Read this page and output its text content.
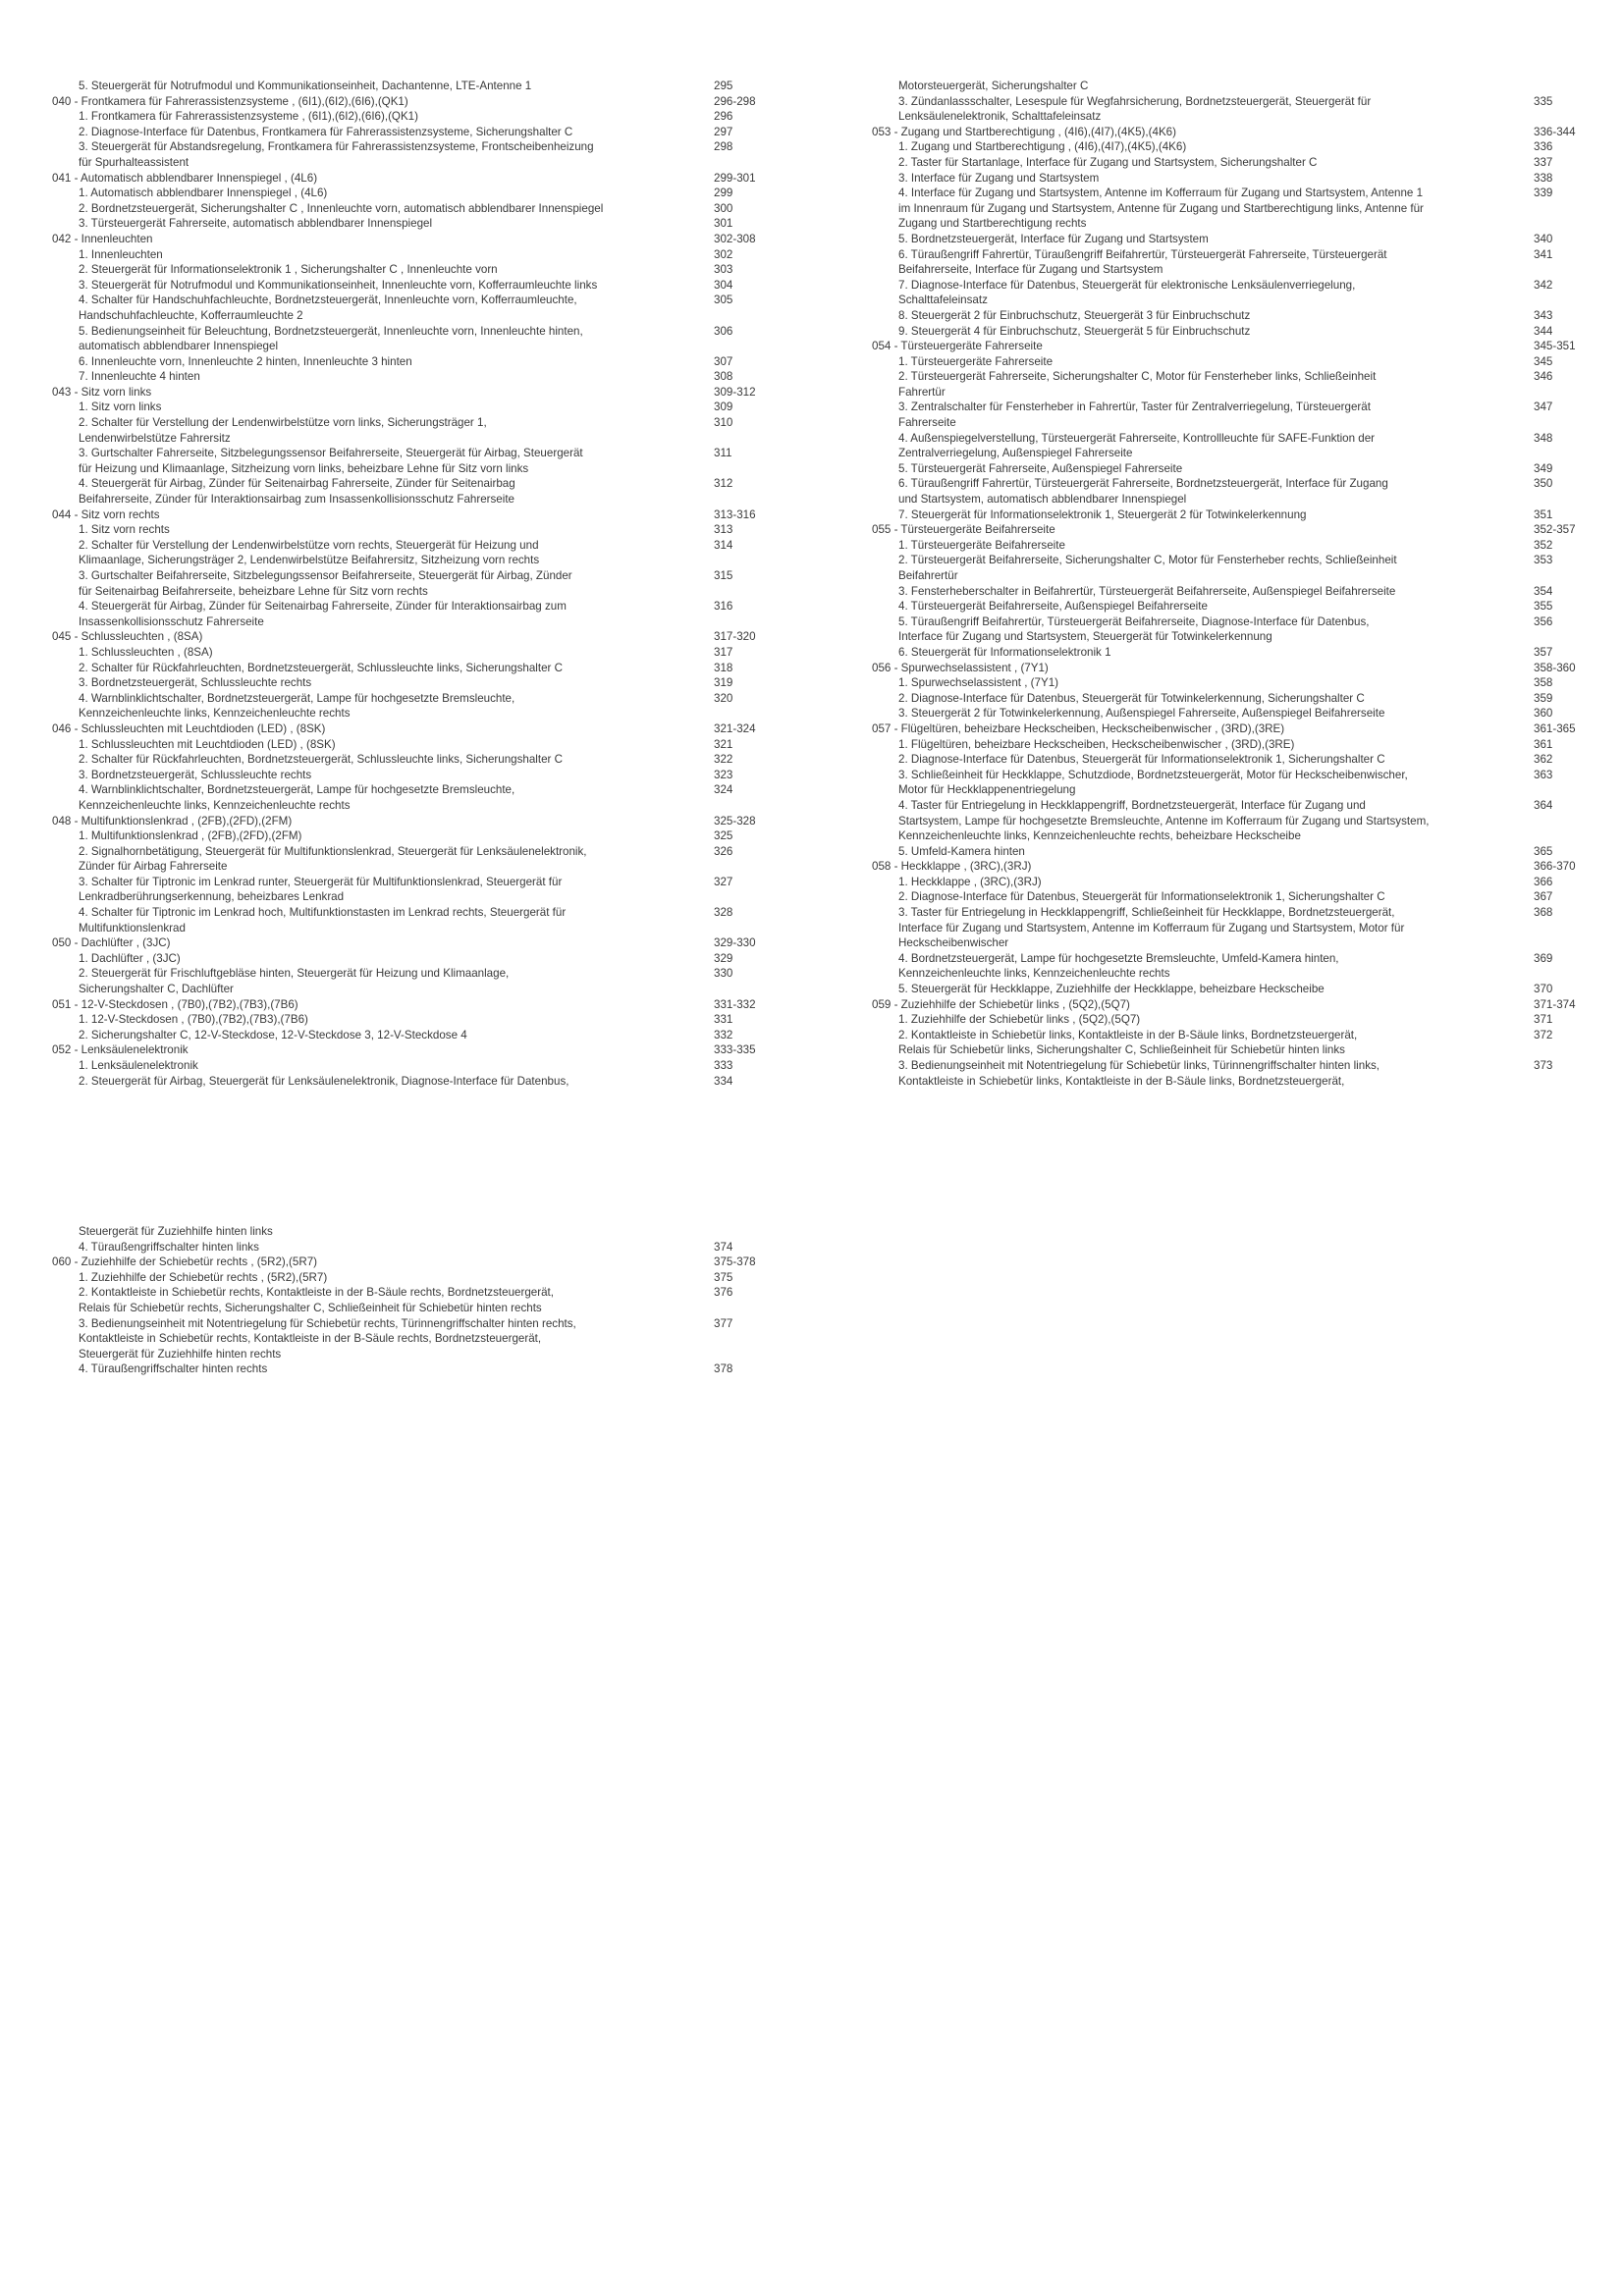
5. Steuergerät für Notrufmodul und Kommunikationseinheit, Dachantenne, LTE-Antenne 1	295
040 - Frontkamera für Fahrerassistenzsysteme , (6I1),(6I2),(6I6),(QK1)	296-298
1. Frontkamera für Fahrerassistenzsysteme , (6I1),(6I2),(6I6),(QK1)	296
2. Diagnose-Interface für Datenbus, Frontkamera für Fahrerassistenzsysteme, Sicherungshalter C	297
3. Steuergerät für Abstandsregelung, Frontkamera für Fahrerassistenzsysteme, Frontscheibenheizung	298
für Spurhalteassistent
041 - Automatisch abblendbarer Innenspiegel , (4L6)	299-301
1. Automatisch abblendbarer Innenspiegel , (4L6)	299
2. Bordnetzsteuergerät, Sicherungshalter C , Innenleuchte vorn, automatisch abblendbarer Innenspiegel	300
3. Türsteuergerät Fahrerseite, automatisch abblendbarer Innenspiegel	301
042 - Innenleuchten	302-308
1. Innenleuchten	302
2. Steuergerät für Informationselektronik 1 , Sicherungshalter C , Innenleuchte vorn	303
3. Steuergerät für Notrufmodul und Kommunikationseinheit, Innenleuchte vorn, Kofferraumleuchte links	304
4. Schalter für Handschuhfachleuchte, Bordnetzsteuergerät, Innenleuchte vorn, Kofferraumleuchte,	305
Handschuhfachleuchte, Kofferraumleuchte 2
5. Bedienungseinheit für Beleuchtung, Bordnetzsteuergerät, Innenleuchte vorn, Innenleuchte hinten,	306
automatisch abblendbarer Innenspiegel
6. Innenleuchte vorn, Innenleuchte 2 hinten, Innenleuchte 3 hinten	307
7. Innenleuchte 4 hinten	308
043 - Sitz vorn links	309-312
1. Sitz vorn links	309
2. Schalter für Verstellung der Lendenwirbelstütze vorn links, Sicherungsträger 1,	310
Lendenwirbelstütze Fahrersitz
3. Gurtschalter Fahrerseite, Sitzbelegungssensor Beifahrerseite, Steuergerät für Airbag, Steuergerät	311
für Heizung und Klimaanlage, Sitzheizung vorn links, beheizbare Lehne für Sitz vorn links
4. Steuergerät für Airbag, Zünder für Seitenairbag Fahrerseite, Zünder für Seitenairbag	312
Beifahrerseite, Zünder für Interaktionsairbag zum Insassenkollisionsschutz Fahrerseite
044 - Sitz vorn rechts	313-316
1. Sitz vorn rechts	313
2. Schalter für Verstellung der Lendenwirbelstütze vorn rechts, Steuergerät für Heizung und	314
Klimaanlage, Sicherungsträger 2, Lendenwirbelstütze Beifahrersitz, Sitzheizung vorn rechts
3. Gurtschalter Beifahrerseite, Sitzbelegungssensor Beifahrerseite, Steuergerät für Airbag, Zünder	315
für Seitenairbag Beifahrerseite, beheizbare Lehne für Sitz vorn rechts
4. Steuergerät für Airbag, Zünder für Seitenairbag Fahrerseite, Zünder für Interaktionsairbag zum	316
Insassenkollisionsschutz Fahrerseite
045 - Schlussleuchten , (8SA)	317-320
1. Schlussleuchten , (8SA)	317
2. Schalter für Rückfahrleuchten, Bordnetzsteuergerät, Schlussleuchte links, Sicherungshalter C	318
3. Bordnetzsteuergerät, Schlussleuchte rechts	319
4. Warnblinklichtschalter, Bordnetzsteuergerät, Lampe für hochgesetzte Bremsleuchte,	320
Kennzeichenleuchte links, Kennzeichenleuchte rechts
046 - Schlussleuchten mit Leuchtdioden (LED) , (8SK)	321-324
1. Schlussleuchten mit Leuchtdioden (LED) , (8SK)	321
2. Schalter für Rückfahrleuchten, Bordnetzsteuergerät, Schlussleuchte links, Sicherungshalter C	322
3. Bordnetzsteuergerät, Schlussleuchte rechts	323
4. Warnblinklichtschalter, Bordnetzsteuergerät, Lampe für hochgesetzte Bremsleuchte,	324
Kennzeichenleuchte links, Kennzeichenleuchte rechts
048 - Multifunktionslenkrad , (2FB),(2FD),(2FM)	325-328
1. Multifunktionslenkrad , (2FB),(2FD),(2FM)	325
2. Signalhornbetätigung, Steuergerät für Multifunktionslenkrad, Steuergerät für Lenksäulenelektronik,	326
Zünder für Airbag Fahrerseite
3. Schalter für Tiptronic im Lenkrad runter, Steuergerät für Multifunktionslenkrad, Steuergerät für	327
Lenkradberührungserkennung, beheizbares Lenkrad
4. Schalter für Tiptronic im Lenkrad hoch, Multifunktionstasten im Lenkrad rechts, Steuergerät für	328
Multifunktionslenkrad
050 - Dachlüfter , (3JC)	329-330
1. Dachlüfter , (3JC)	329
2. Steuergerät für Frischluftgebläse hinten, Steuergerät für Heizung und Klimaanlage,	330
Sicherungshalter C, Dachlüfter
051 - 12-V-Steckdosen , (7B0),(7B2),(7B3),(7B6)	331-332
1. 12-V-Steckdosen , (7B0),(7B2),(7B3),(7B6)	331
2. Sicherungshalter C, 12-V-Steckdose, 12-V-Steckdose 3, 12-V-Steckdose 4	332
052 - Lenksäulenelektronik	333-335
1. Lenksäulenelektronik	333
2. Steuergerät für Airbag, Steuergerät für Lenksäulenelektronik, Diagnose-Interface für Datenbus,	334
Motorsteuergerät, Sicherungshalter C
3. Zündanlassschalter, Lesespule für Wegfahrsicherung, Bordnetzsteuergerät, Steuergerät für	335
Lenksäulenelektronik, Schalttafeleinsatz
053 - Zugang und Startberechtigung , (4I6),(4I7),(4K5),(4K6)	336-344
1. Zugang und Startberechtigung , (4I6),(4I7),(4K5),(4K6)	336
2. Taster für Startanlage, Interface für Zugang und Startsystem, Sicherungshalter C	337
3. Interface für Zugang und Startsystem	338
4. Interface für Zugang und Startsystem, Antenne im Kofferraum für Zugang und Startsystem, Antenne 1	339
im Innenraum für Zugang und Startsystem, Antenne für Zugang und Startberechtigung links, Antenne für
Zugang und Startberechtigung rechts
5. Bordnetzsteuergerät, Interface für Zugang und Startsystem	340
6. Türaußengriff Fahrertür, Türaußengriff Beifahrertür, Türsteuergerät Fahrerseite, Türsteuergerät	341
Beifahrerseite, Interface für Zugang und Startsystem
7. Diagnose-Interface für Datenbus, Steuergerät für elektronische Lenksäulenverriegelung,	342
Schalttafeleinsatz
8. Steuergerät 2 für Einbruchschutz, Steuergerät 3 für Einbruchschutz	343
9. Steuergerät 4 für Einbruchschutz, Steuergerät 5 für Einbruchschutz	344
054 - Türsteuergeräte Fahrerseite	345-351
1. Türsteuergeräte Fahrerseite	345
2. Türsteuergerät Fahrerseite, Sicherungshalter C, Motor für Fensterheber links, Schließeinheit	346
Fahrertür
3. Zentralschalter für Fensterheber in Fahrertür, Taster für Zentralverriegelung, Türsteuergerät	347
Fahrerseite
4. Außenspiegelverstellung, Türsteuergerät Fahrerseite, Kontrollleuchte für SAFE-Funktion der	348
Zentralverriegelung, Außenspiegel Fahrerseite
5. Türsteuergerät Fahrerseite, Außenspiegel Fahrerseite	349
6. Türaußengriff Fahrertür, Türsteuergerät Fahrerseite, Bordnetzsteuergerät, Interface für Zugang	350
und Startsystem, automatisch abblendbarer Innenspiegel
7. Steuergerät für Informationselektronik 1, Steuergerät 2 für Totwinkelerkennung	351
055 - Türsteuergeräte Beifahrerseite	352-357
1. Türsteuergeräte Beifahrerseite	352
2. Türsteuergerät Beifahrerseite, Sicherungshalter C, Motor für Fensterheber rechts, Schließeinheit	353
Beifahrertür
3. Fensterheberschalter in Beifahrertür, Türsteuergerät Beifahrerseite, Außenspiegel Beifahrerseite	354
4. Türsteuergerät Beifahrerseite, Außenspiegel Beifahrerseite	355
5. Türaußengriff Beifahrertür, Türsteuergerät Beifahrerseite, Diagnose-Interface für Datenbus,	356
Interface für Zugang und Startsystem, Steuergerät für Totwinkelerkennung
6. Steuergerät für Informationselektronik 1	357
056 - Spurwechselassistent , (7Y1)	358-360
1. Spurwechselassistent , (7Y1)	358
2. Diagnose-Interface für Datenbus, Steuergerät für Totwinkelerkennung, Sicherungshalter C	359
3. Steuergerät 2 für Totwinkelerkennung, Außenspiegel Fahrerseite, Außenspiegel Beifahrerseite	360
057 - Flügeltüren, beheizbare Heckscheiben, Heckscheibenwischer , (3RD),(3RE)	361-365
1. Flügeltüren, beheizbare Heckscheiben, Heckscheibenwischer , (3RD),(3RE)	361
2. Diagnose-Interface für Datenbus, Steuergerät für Informationselektronik 1, Sicherungshalter C	362
3. Schließeinheit für Heckklappe, Schutzdiode, Bordnetzsteuergerät, Motor für Heckscheibenwischer,	363
Motor für Heckklappenentriegelung
4. Taster für Entriegelung in Heckklappengriff, Bordnetzsteuergerät, Interface für Zugang und	364
Startsystem, Lampe für hochgesetzte Bremsleuchte, Antenne im Kofferraum für Zugang und Startsystem,
Kennzeichenleuchte links, Kennzeichenleuchte rechts, beheizbare Heckscheibe
5. Umfeld-Kamera hinten	365
058 - Heckklappe , (3RC),(3RJ)	366-370
1. Heckklappe , (3RC),(3RJ)	366
2. Diagnose-Interface für Datenbus, Steuergerät für Informationselektronik 1, Sicherungshalter C	367
3. Taster für Entriegelung in Heckklappengriff, Schließeinheit für Heckklappe, Bordnetzsteuergerät,	368
Interface für Zugang und Startsystem, Antenne im Kofferraum für Zugang und Startsystem, Motor für
Heckscheibenwischer
4. Bordnetzsteuergerät, Lampe für hochgesetzte Bremsleuchte, Umfeld-Kamera hinten,	369
Kennzeichenleuchte links, Kennzeichenleuchte rechts
5. Steuergerät für Heckklappe, Zuziehhilfe der Heckklappe, beheizbare Heckscheibe	370
059 - Zuziehhilfe der Schiebetür links , (5Q2),(5Q7)	371-374
1. Zuziehhilfe der Schiebetür links , (5Q2),(5Q7)	371
2. Kontaktleiste in Schiebetür links, Kontaktleiste in der B-Säule links, Bordnetzsteuergerät,	372
Relais für Schiebetür links, Sicherungshalter C, Schließeinheit für Schiebetür hinten links
3. Bedienungseinheit mit Notentriegelung für Schiebetür links, Türinnengriffschalter hinten links,	373
Kontaktleiste in Schiebetür links, Kontaktleiste in der B-Säule links, Bordnetzsteuergerät,
Steuergerät für Zuziehhilfe hinten links
4. Türaußengriffschalter hinten links	374
060 - Zuziehhilfe der Schiebetür rechts , (5R2),(5R7)	375-378
1. Zuziehhilfe der Schiebetür rechts , (5R2),(5R7)	375
2. Kontaktleiste in Schiebetür rechts, Kontaktleiste in der B-Säule rechts, Bordnetzsteuergerät,	376
Relais für Schiebetür rechts, Sicherungshalter C, Schließeinheit für Schiebetür hinten rechts
3. Bedienungseinheit mit Notentriegelung für Schiebetür rechts, Türinnengriffschalter hinten rechts,	377
Kontaktleiste in Schiebetür rechts, Kontaktleiste in der B-Säule rechts, Bordnetzsteuergerät,
Steuergerät für Zuziehhilfe hinten rechts
4. Türaußengriffschalter hinten rechts	378
